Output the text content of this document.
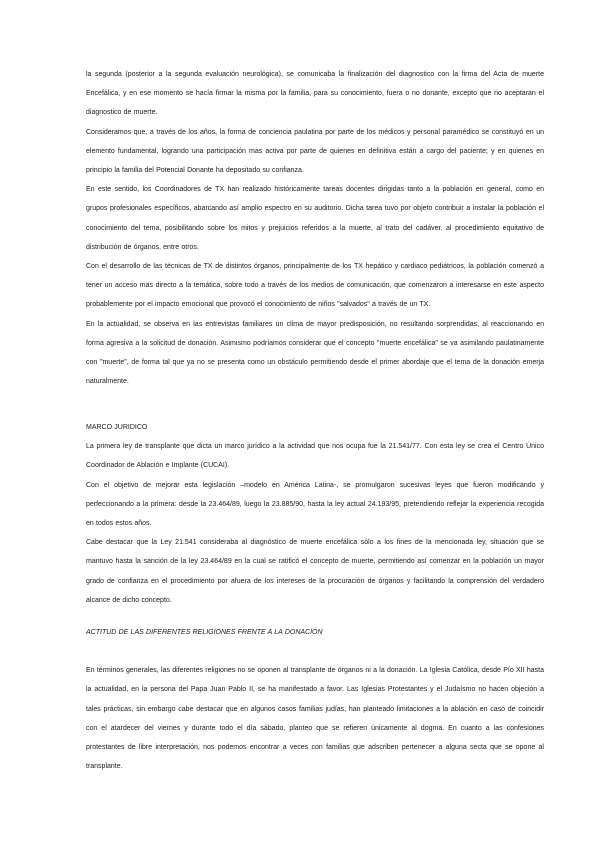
la segunda (posterior a la segunda evaluación neurológica), se comunicaba la finalización del diagnostico con la firma del Acta de muerte Encefálica, y en ese momento se hacía firmar la misma por la familia, para su conocimiento, fuera o no donante, excepto que no aceptaran el diagnostico de muerte.

Consideramos que, a través de los años, la forma de conciencia paulatina por parte de los médicos y personal paramédico se constituyó en un elemento fundamental, logrando una participación mas activa por parte de quienes en definitiva están a cargo del paciente; y en quienes en principio la familia del Potencial Donante ha depositado su confianza.

En este sentido, los Coordinadores de TX han realizado históricamente tareas docentes dirigidas tanto a la población en general, como en grupos profesionales específicos, abarcando así amplio espectro en su auditorio. Dicha tarea tuvo por objeto contribuir a instalar la población el conocimiento del tema, posibilitando sobre los mitos y prejuicios referidos a la muerte, al trato del cadáver, al procedimiento equitativo de distribución de órganos, entre otros.

Con el desarrollo de las técnicas de TX de distintos órganos, principalmente de los TX hepático y cardiaco pediátricos, la población comenzó a tener un acceso mas directo a la temática, sobre todo a través de los medios de comunicación, que comenzaron a interesarse en este aspecto probablemente por el impacto emocional que provocó el conocimiento de niños "salvados" a través de un TX.

En la actualidad, se observa en las entrevistas familiares un clima de mayor predisposición, no resultando sorprendidas, al reaccionando en forma agresiva a la solicitud de donación. Asimismo podríamos considerar que el concepto "muerte encefálica" se va asimilando paulatinamente con "muerte", de forma tal que ya no se presenta como un obstáculo permitiendo desde el primer abordaje que el tema de la donación emerja naturalmente.

MARCO JURIDICO

La primera ley de transplante que dicta un marco jurídico a la actividad que nos ocupa fue la 21.541/77. Con esta ley se crea el Centro Único Coordinador de Ablación e Implante (CUCAI).

Con el objetivo de mejorar esta legislación –modelo en América Latina-, se promulgaron sucesivas leyes que fueron modificando y perfeccionando a la primera: desde la 23.464/89, luego la 23.885/90, hasta la ley actual 24.193/95, pretendiendo reflejar la experiencia recogida en todos estos años.

Cabe destacar que la Ley 21.541 consideraba al diagnóstico de muerte encefálica sólo a los fines de la mencionada ley, situación que se mantuvo hasta la sanción de la ley 23.464/89 en la cual se ratificó el concepto de muerte, permitiendo así comenzar en la población un mayor grado de confianza en el procedimiento por afuera de los intereses de la procuración de órganos y facilitando la comprensión del verdadero alcance de dicho concepto.

ACTITUD DE LAS DIFERENTES RELIGIONES FRENTE A LA DONACIÓN

En términos generales, las diferentes religiones no se oponen al transplante de órganos ni a la donación. La Iglesia Católica, desde Pío XII hasta la actualidad, en la persona del Papa Juan Pablo II, se ha manifestado a favor. Las Iglesias Protestantes y el Judaísmo no hacen objeción a tales prácticas, sin embargo cabe destacar que en algunos casos familias judías, han planteado limitaciones a la ablación en caso de coincidir con el atardecer del viernes y durante todo el día sábado, planteo que se refieren únicamente al dogma. En cuanto a las confesiones protestantes de libre interpretación, nos podemos encontrar a veces con familias que adscriben pertenecer a alguna secta que se opone al transplante.
